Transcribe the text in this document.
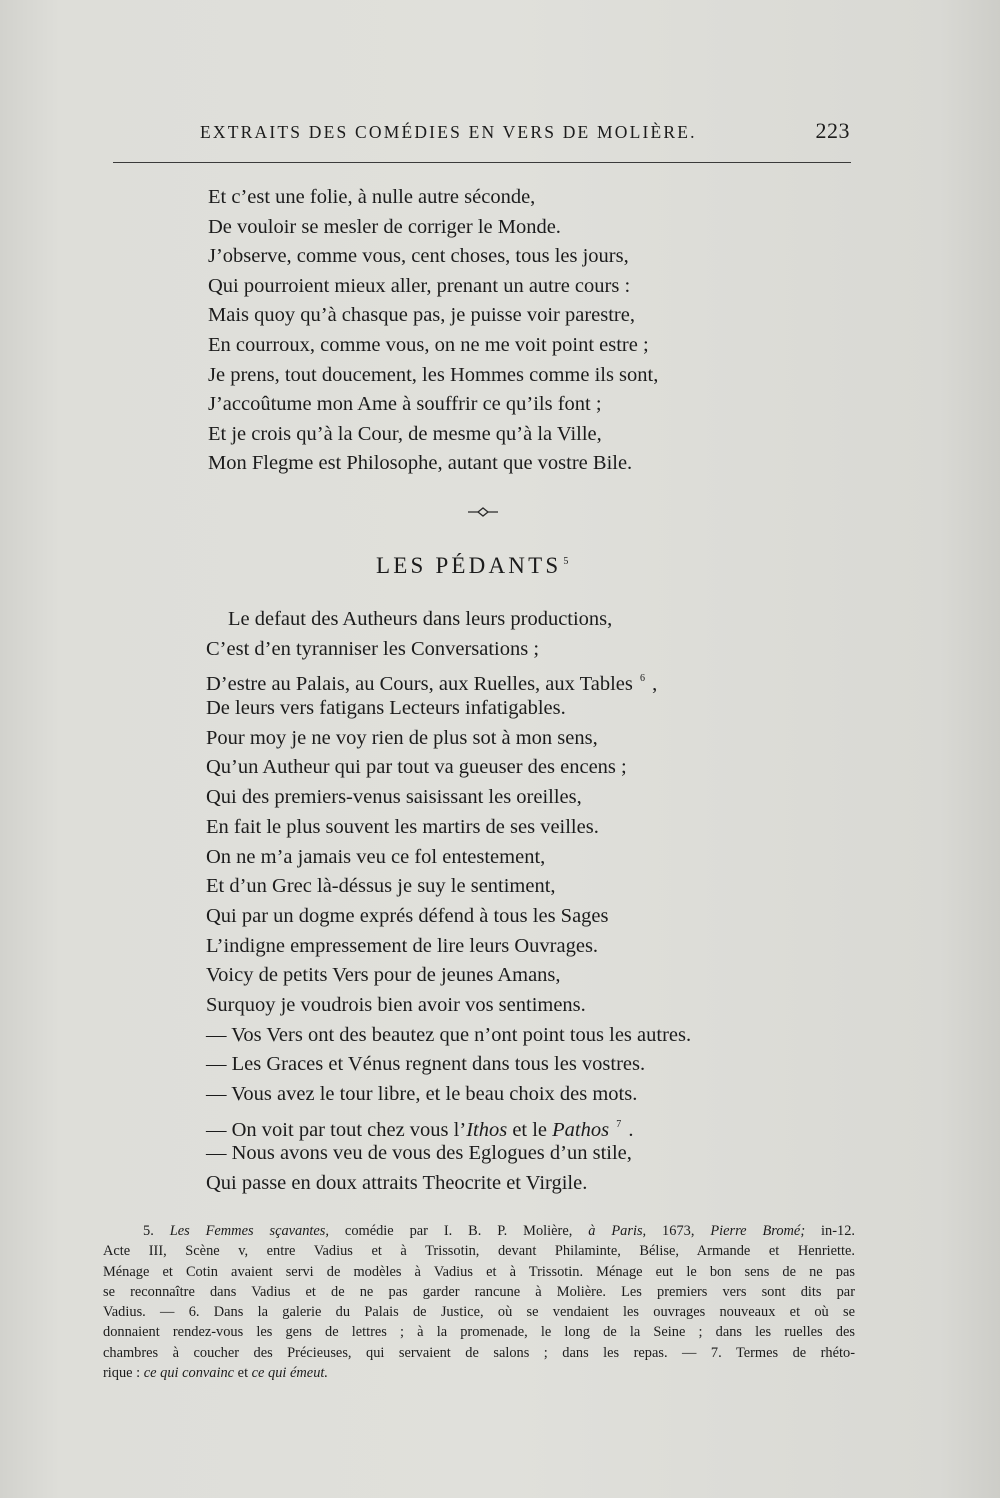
EXTRAITS DES COMÉDIES EN VERS DE MOLIÈRE.	223
Et c’est une folie, à nulle autre séconde,
De vouloir se mesler de corriger le Monde.
J’observe, comme vous, cent choses, tous les jours,
Qui pourroient mieux aller, prenant un autre cours :
Mais quoy qu’à chasque pas, je puisse voir parestre,
En courroux, comme vous, on ne me voit point estre ;
Je prens, tout doucement, les Hommes comme ils sont,
J’accoûtume mon Ame à souffrir ce qu’ils font ;
Et je crois qu’à la Cour, de mesme qu’à la Ville,
Mon Flegme est Philosophe, autant que vostre Bile.
LES PÉDANTS $^5$
Le defaut des Autheurs dans leurs productions,
C’est d’en tyranniser les Conversations ;
D’estre au Palais, au Cours, aux Ruelles, aux Tables $^6$ ,
De leurs vers fatigans Lecteurs infatigables.
Pour moy je ne voy rien de plus sot à mon sens,
Qu’un Autheur qui par tout va gueuser des encens ;
Qui des premiers-venus saisissant les oreilles,
En fait le plus souvent les martirs de ses veilles.
On ne m’a jamais veu ce fol entestement,
Et d’un Grec là-déssus je suy le sentiment,
Qui par un dogme exprés défend à tous les Sages
L’indigne empressement de lire leurs Ouvrages.
Voicy de petits Vers pour de jeunes Amans,
Surquoy je voudrois bien avoir vos sentimens.
— Vos Vers ont des beautez que n’ont point tous les autres.
— Les Graces et Vénus regnent dans tous les vostres.
— Vous avez le tour libre, et le beau choix des mots.
— On voit par tout chez vous l’Ithos et le Pathos $^7$ .
— Nous avons veu de vous des Eglogues d’un stile,
Qui passe en doux attraits Theocrite et Virgile.
5. Les Femmes sçavantes, comédie par I. B. P. Molière, à Paris, 1673, Pierre Bromé; in-12.
Acte III, Scène v, entre Vadius et à Trissotin, devant Philaminte, Bélise, Armande et Henriette.
Ménage et Cotin avaient servi de modèles à Vadius et à Trissotin. Ménage eut le bon sens de ne pas
se reconnaître dans Vadius et de ne pas garder rancune à Molière. Les premiers vers sont dits par
Vadius. — 6. Dans la galerie du Palais de Justice, où se vendaient les ouvrages nouveaux et où se
donnaient rendez-vous les gens de lettres ; à la promenade, le long de la Seine ; dans les ruelles des
chambres à coucher des Précieuses, qui servaient de salons ; dans les repas. — 7. Termes de rhéto-
rique : ce qui convainc et ce qui émeut.
